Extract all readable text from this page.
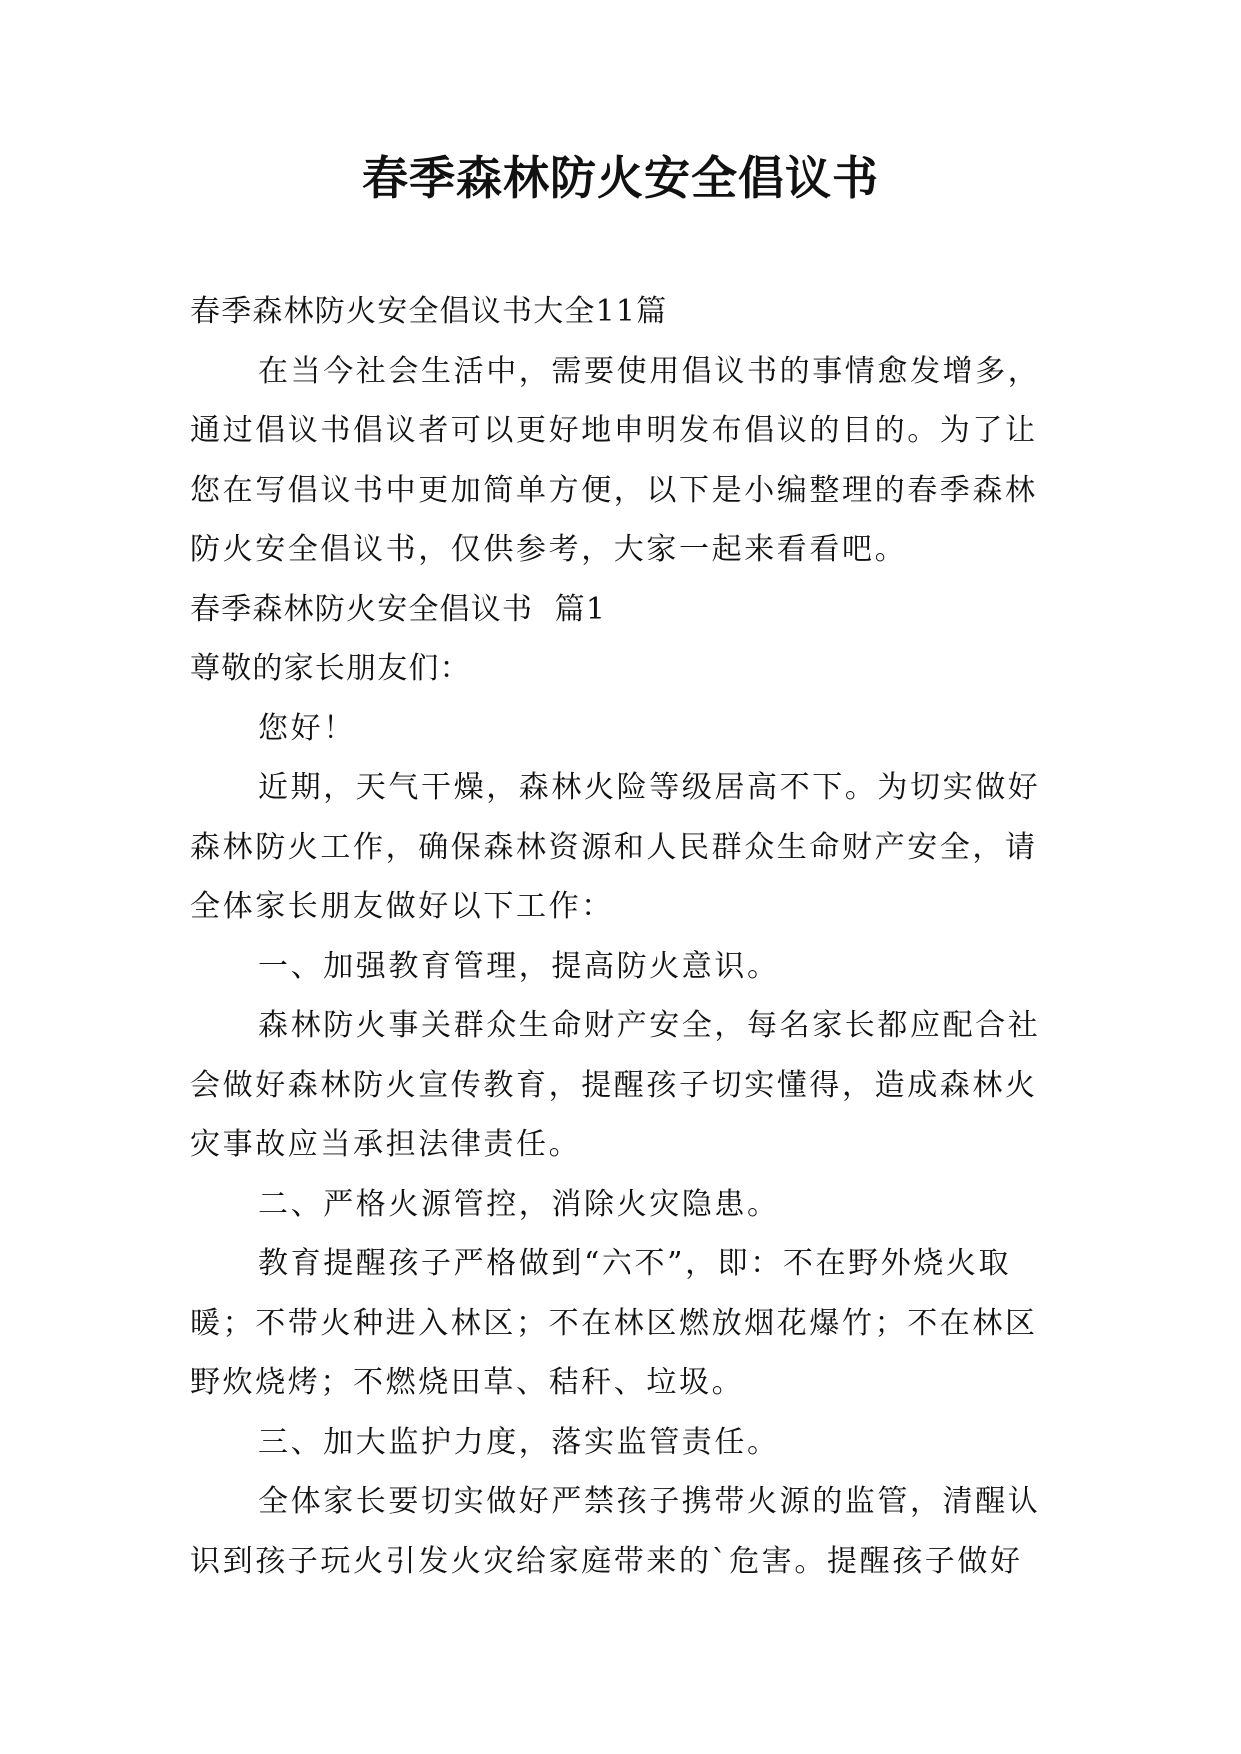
春季森林防火安全倡议书

春季森林防火安全倡议书大全11篇

在当今社会生活中，需要使用倡议书的事情愈发增多，

通过倡议书倡议者可以更好地申明发布倡议的目的。为了让

您在写倡议书中更加简单方便，以下是小编整理的春季森林

防火安全倡议书，仅供参考，大家一起来看看吧。

春季森林防火安全倡议书  篇1

尊敬的家长朋友们：

您好！

近期，天气干燥，森林火险等级居高不下。为切实做好

森林防火工作，确保森林资源和人民群众生命财产安全，请

全体家长朋友做好以下工作：

一、加强教育管理，提高防火意识。

森林防火事关群众生命财产安全，每名家长都应配合社

会做好森林防火宣传教育，提醒孩子切实懂得，造成森林火

灾事故应当承担法律责任。

二、严格火源管控，消除火灾隐患。

教育提醒孩子严格做到“六不”，即：不在野外烧火取

暖；不带火种进入林区；不在林区燃放烟花爆竹；不在林区

野炊烧烤；不燃烧田草、秸秆、垃圾。

三、加大监护力度，落实监管责任。

全体家长要切实做好严禁孩子携带火源的监管，清醒认

识到孩子玩火引发火灾给家庭带来的`危害。提醒孩子做好
